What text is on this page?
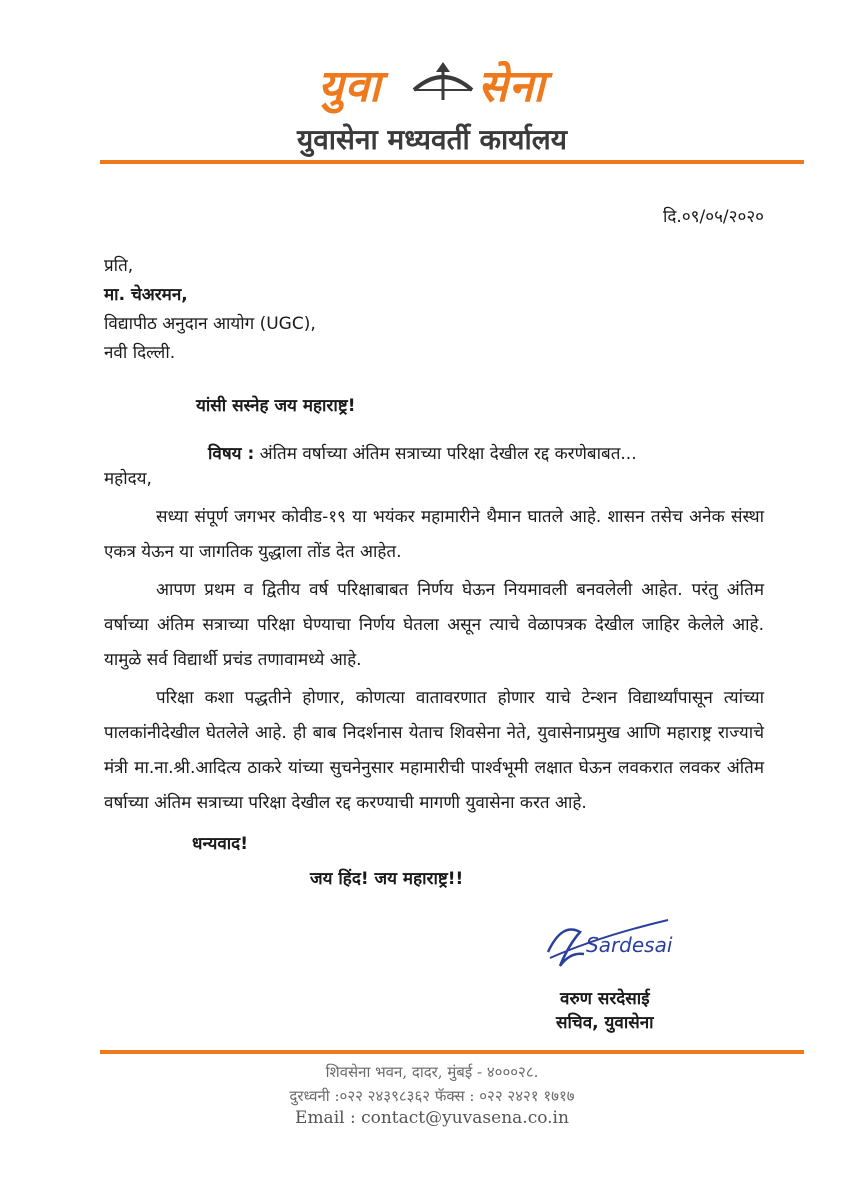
युवा सेना
युवासेना मध्यवर्ती कार्यालय
दि.०९/०५/२०२०
प्रति,
मा. चेअरमन,
विद्यापीठ अनुदान आयोग (UGC),
नवी दिल्ली.
यांसी सस्नेह जय महाराष्ट्र!
विषय : अंतिम वर्षाच्या अंतिम सत्राच्या परिक्षा देखील रद्द करणेबाबत...
महोदय,
सध्या संपूर्ण जगभर कोवीड-१९ या भयंकर महामारीने थैमान घातले आहे. शासन तसेच अनेक संस्था एकत्र येऊन या जागतिक युद्धाला तोंड देत आहेत.
आपण प्रथम व द्वितीय वर्ष परिक्षाबाबत निर्णय घेऊन नियमावली बनवलेली आहेत. परंतु अंतिम वर्षाच्या अंतिम सत्राच्या परिक्षा घेण्याचा निर्णय घेतला असून त्याचे वेळापत्रक देखील जाहिर केलेले आहे. यामुळे सर्व विद्यार्थी प्रचंड तणावामध्ये आहे.
परिक्षा कशा पद्धतीने होणार, कोणत्या वातावरणात होणार याचे टेन्शन विद्यार्थ्यांपासून त्यांच्या पालकांनीदेखील घेतलेले आहे. ही बाब निदर्शनास येताच शिवसेना नेते, युवासेनाप्रमुख आणि महाराष्ट्र राज्याचे मंत्री मा.ना.श्री.आदित्य ठाकरे यांच्या सुचनेनुसार महामारीची पार्श्वभूमी लक्षात घेऊन लवकरात लवकर अंतिम वर्षाच्या अंतिम सत्राच्या परिक्षा देखील रद्द करण्याची मागणी युवासेना करत आहे.
धन्यवाद!
जय हिंद! जय महाराष्ट्र!!
Sardesai
वरुण सरदेसाई
सचिव, युवासेना
शिवसेना भवन, दादर, मुंबई - ४०००२८.
दुरध्वनी :०२२ २४३९८३६२ फॅक्स : ०२२ २४२१ १७१७
Email : contact@yuvasena.co.in
